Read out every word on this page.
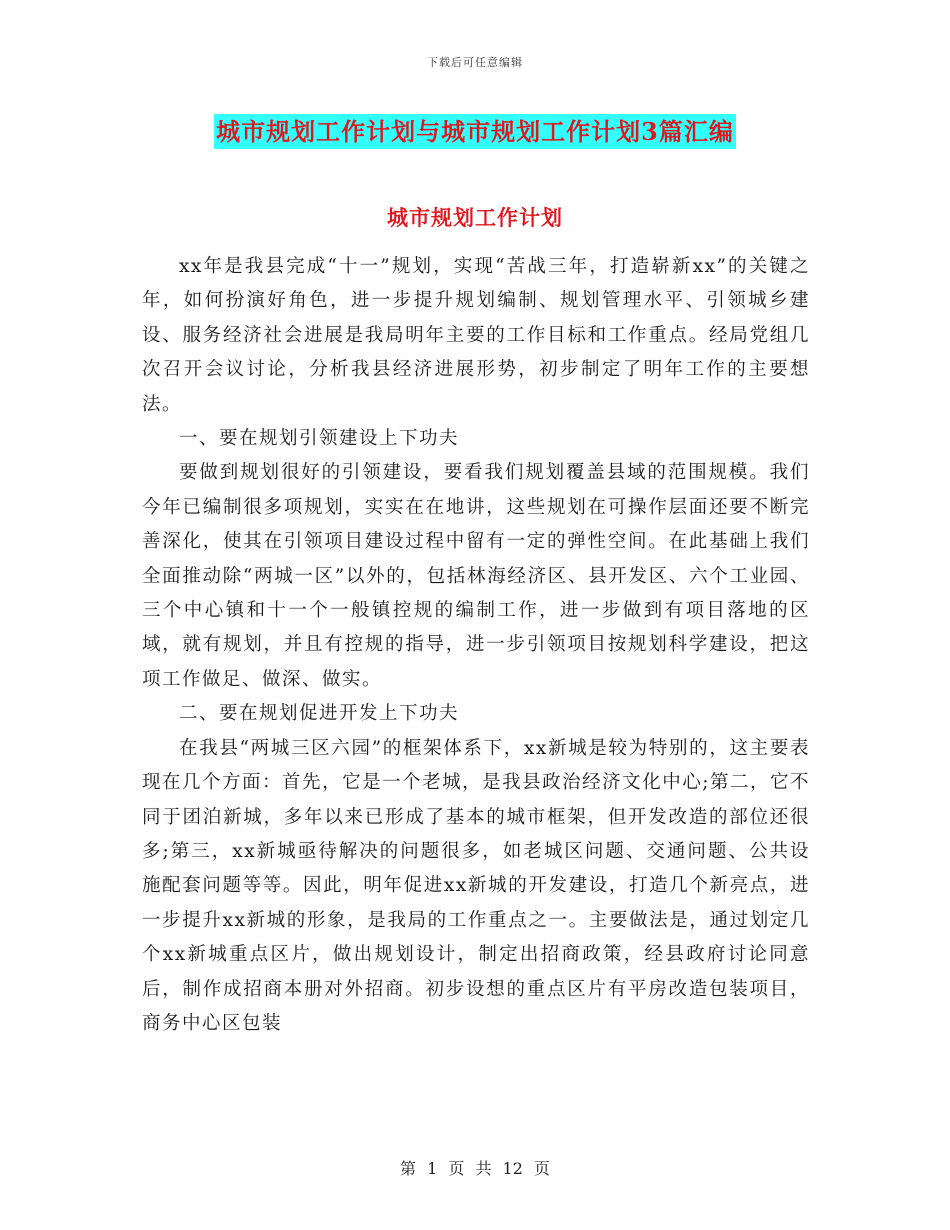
下载后可任意编辑
城市规划工作计划与城市规划工作计划3篇汇编
城市规划工作计划

xx年是我县完成“十一”规划，实现“苦战三年，打造崭新xx”的关键之年，如何扮演好角色，进一步提升规划编制、规划管理水平、引领城乡建设、服务经济社会进展是我局明年主要的工作目标和工作重点。经局党组几次召开会议讨论，分析我县经济进展形势，初步制定了明年工作的主要想法。

一、要在规划引领建设上下功夫

要做到规划很好的引领建设，要看我们规划覆盖县域的范围规模。我们今年已编制很多项规划，实实在在地讲，这些规划在可操作层面还要不断完善深化，使其在引领项目建设过程中留有一定的弹性空间。在此基础上我们全面推动除“两城一区”以外的，包括林海经济区、县开发区、六个工业园、三个中心镇和十一个一般镇控规的编制工作，进一步做到有项目落地的区域，就有规划，并且有控规的指导，进一步引领项目按规划科学建设，把这项工作做足、做深、做实。

二、要在规划促进开发上下功夫

在我县“两城三区六园”的框架体系下，xx新城是较为特别的，这主要表现在几个方面：首先，它是一个老城，是我县政治经济文化中心;第二，它不同于团泊新城，多年以来已形成了基本的城市框架，但开发改造的部位还很多;第三，xx新城亟待解决的问题很多，如老城区问题、交通问题、公共设施配套问题等等。因此，明年促进xx新城的开发建设，打造几个新亮点，进一步提升xx新城的形象，是我局的工作重点之一。主要做法是，通过划定几个xx新城重点区片，做出规划设计，制定出招商政策，经县政府讨论同意后，制作成招商本册对外招商。初步设想的重点区片有平房改造包装项目，商务中心区包装

第 1 页 共 12 页
